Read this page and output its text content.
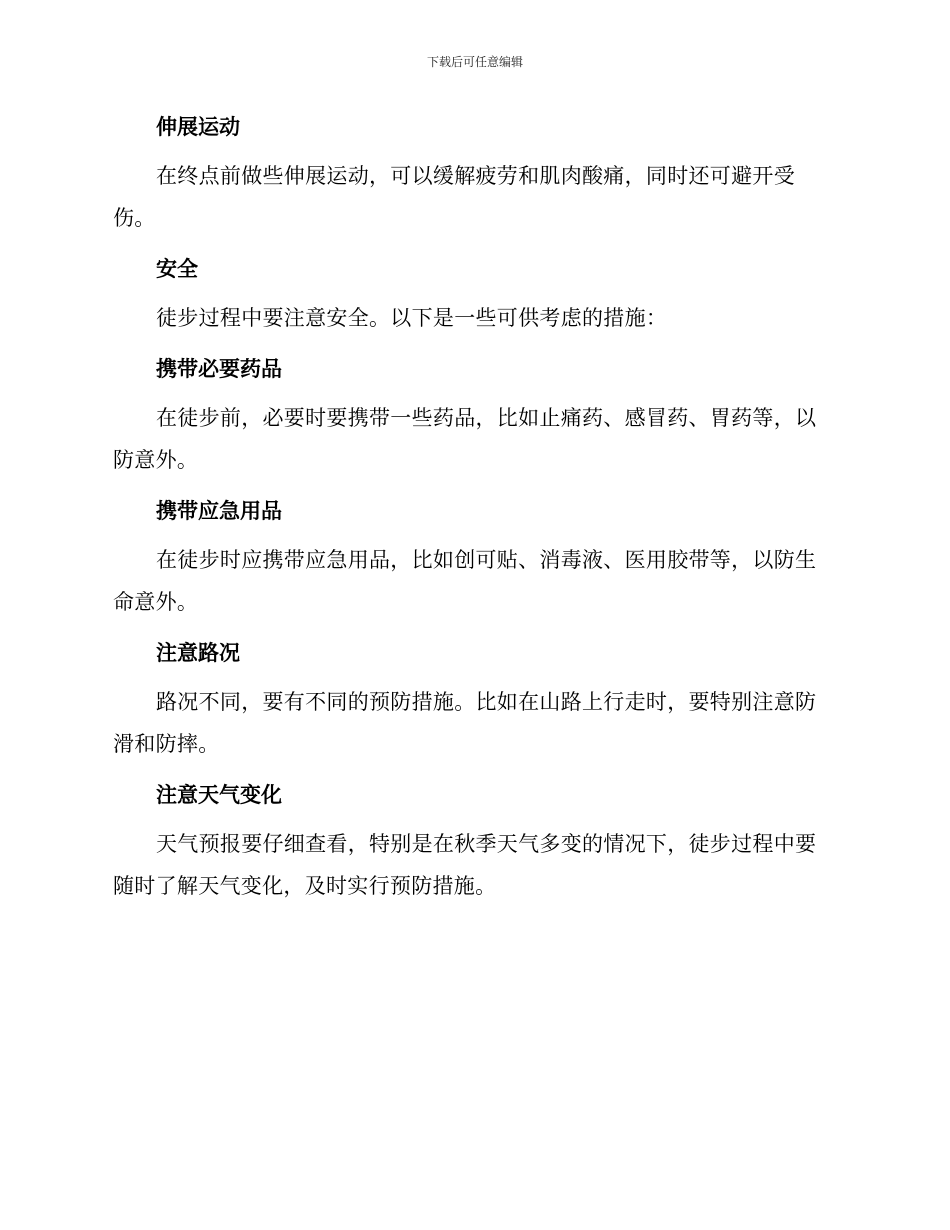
下载后可任意编辑
伸展运动

在终点前做些伸展运动，可以缓解疲劳和肌肉酸痛，同时还可避开受伤。

安全

徒步过程中要注意安全。以下是一些可供考虑的措施：

携带必要药品

在徒步前，必要时要携带一些药品，比如止痛药、感冒药、胃药等，以防意外。

携带应急用品

在徒步时应携带应急用品，比如创可贴、消毒液、医用胶带等，以防生命意外。

注意路况

路况不同，要有不同的预防措施。比如在山路上行走时，要特别注意防滑和防摔。

注意天气变化

天气预报要仔细查看，特别是在秋季天气多变的情况下，徒步过程中要随时了解天气变化，及时实行预防措施。
